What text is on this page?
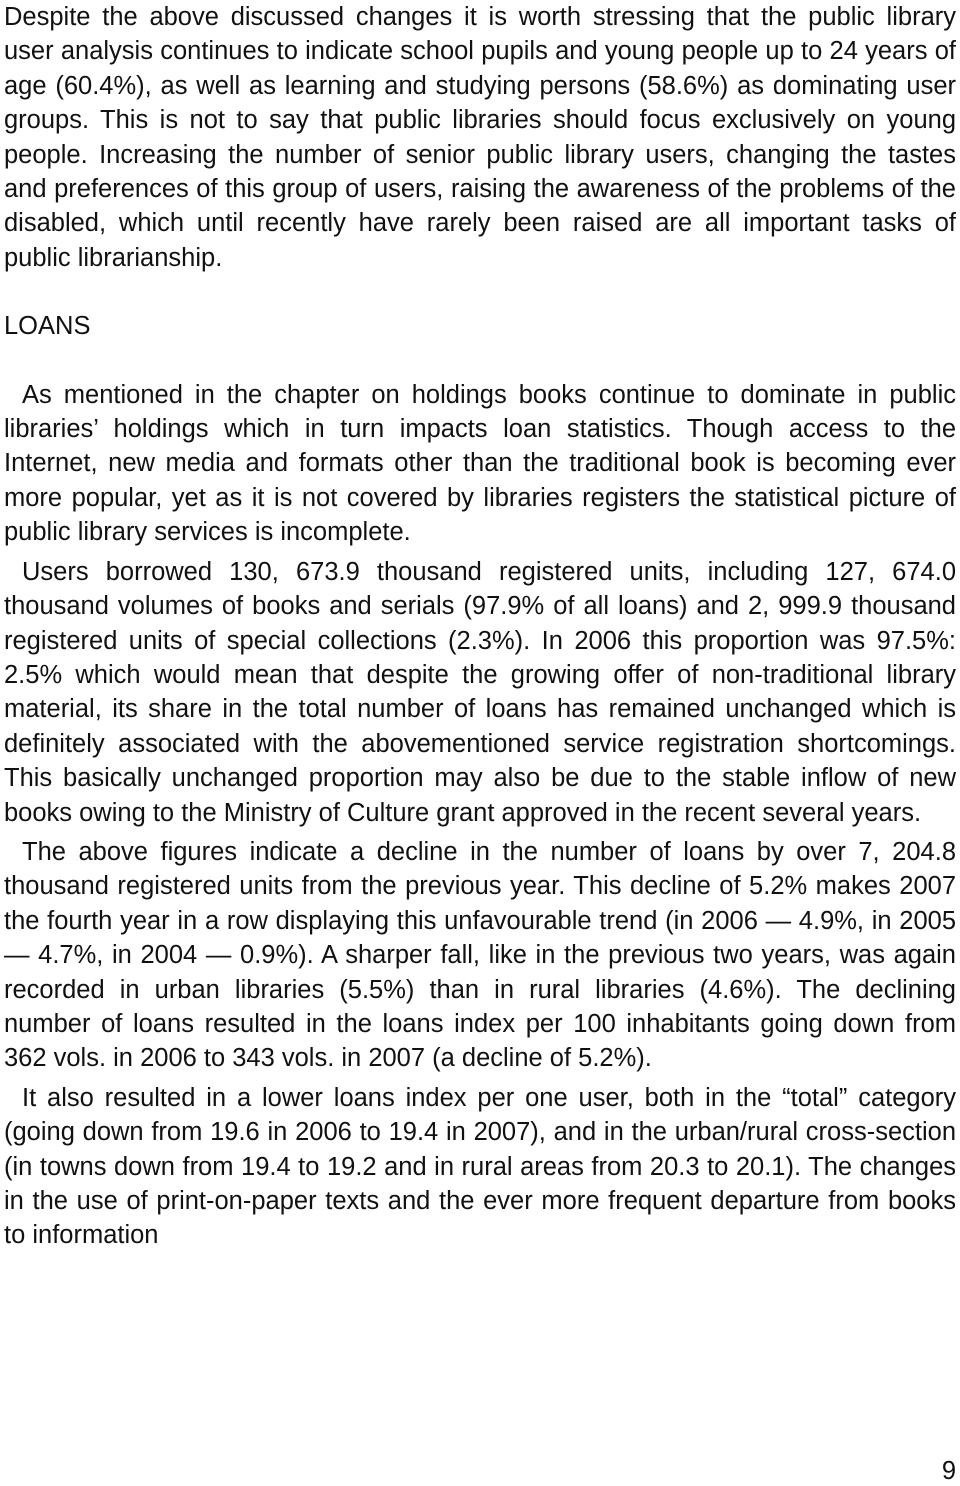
Despite the above discussed changes it is worth stressing that the public library user analysis continues to indicate school pupils and young people up to 24 years of age (60.4%), as well as learning and studying persons (58.6%) as dominating user groups. This is not to say that public libraries should focus exclusively on young people. Increasing the number of senior public library users, changing the tastes and preferences of this group of users, raising the awareness of the problems of the disabled, which until recently have rarely been raised are all important tasks of public librarianship.

LOANS

As mentioned in the chapter on holdings books continue to dominate in public libraries’ holdings which in turn impacts loan statistics. Though access to the Internet, new media and formats other than the traditional book is becoming ever more popular, yet as it is not covered by libraries registers the statistical picture of public library services is incomplete.

Users borrowed 130, 673.9 thousand registered units, including 127, 674.0 thousand volumes of books and serials (97.9% of all loans) and 2, 999.9 thousand registered units of special collections (2.3%). In 2006 this proportion was 97.5%: 2.5% which would mean that despite the growing offer of non-traditional library material, its share in the total number of loans has remained unchanged which is definitely associated with the abovementioned service registration shortcomings. This basically unchanged proportion may also be due to the stable inflow of new books owing to the Ministry of Culture grant approved in the recent several years.

The above figures indicate a decline in the number of loans by over 7, 204.8 thousand registered units from the previous year. This decline of 5.2% makes 2007 the fourth year in a row displaying this unfavourable trend (in 2006 — 4.9%, in 2005 — 4.7%, in 2004 — 0.9%). A sharper fall, like in the previous two years, was again recorded in urban libraries (5.5%) than in rural libraries (4.6%). The declining number of loans resulted in the loans index per 100 inhabitants going down from 362 vols. in 2006 to 343 vols. in 2007 (a decline of 5.2%).

It also resulted in a lower loans index per one user, both in the “total” category (going down from 19.6 in 2006 to 19.4 in 2007), and in the urban/rural cross-section (in towns down from 19.4 to 19.2 and in rural areas from 20.3 to 20.1). The changes in the use of print-on-paper texts and the ever more frequent departure from books to information

9
